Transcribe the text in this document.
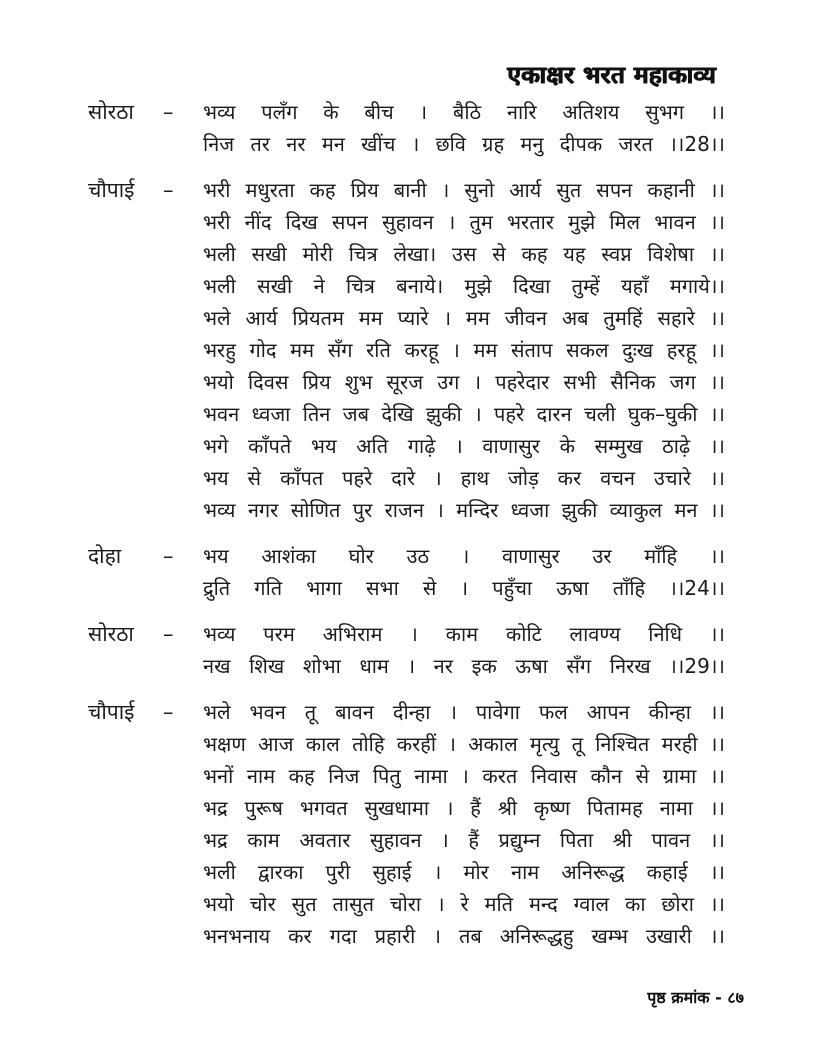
एकाक्षर भरत महाकाव्य
सोरठा	–	भव्य पलँग के बीच । बैठि नारि अतिशय सुभग ।।
निज तर नर मन खींच । छवि ग्रह मनु दीपक जरत ।।28।।
चौपाई	–	भरी मधुरता कह प्रिय बानी । सुनो आर्य सुत सपन कहानी ।।
भरी नींद दिख सपन सुहावन । तुम भरतार मुझे मिल भावन ।।
भली सखी मोरी चित्र लेखा। उस से कह यह स्वप्न विशेषा ।।
भली सखी ने चित्र बनाये। मुझे दिखा तुम्हें यहाँ मगाये।।
भले आर्य प्रियतम मम प्यारे । मम जीवन अब तुमहिं सहारे ।।
भरहु गोद मम सँग रति करहू । मम संताप सकल दुःख हरहू ।।
भयो दिवस प्रिय शुभ सूरज उग । पहरेदार सभी सैनिक जग ।।
भवन ध्वजा तिन जब देखि झुकी । पहरे दारन चली घुक–घुकी ।।
भगे काँपते भय अति गाढ़े । वाणासुर के सम्मुख ठाढ़े ।।
भय से काँपत पहरे दारे । हाथ जोड़ कर वचन उचारे ।।
भव्य नगर सोणित पुर राजन । मन्दिर ध्वजा झुकी व्याकुल मन ।।
दोहा	–	भय आशंका घोर उठ । वाणासुर उर माँहि ।।
द्रुति गति भागा सभा से । पहुँचा ऊषा ताँहि ।।24।।
सोरठा	–	भव्य परम अभिराम । काम कोटि लावण्य निधि ।।
नख शिख शोभा धाम । नर इक ऊषा सँग निरख ।।29।।
चौपाई	–	भले भवन तू बावन दीन्हा । पावेगा फल आपन कीन्हा ।।
भक्षण आज काल तोहि करहीं । अकाल मृत्यु तू निश्चित मरही ।।
भनों नाम कह निज पितु नामा । करत निवास कौन से ग्रामा ।।
भद्र पुरूष भगवत सुखधामा । हैं श्री कृष्ण पितामह नामा ।।
भद्र काम अवतार सुहावन । हैं प्रद्युम्न पिता श्री पावन ।।
भली द्वारका पुरी सुहाई । मोर नाम अनिरूद्ध कहाई ।।
भयो चोर सुत तासुत चोरा । रे मति मन्द ग्वाल का छोरा ।।
भनभनाय कर गदा प्रहारी । तब अनिरूद्धहु खम्भ उखारी ।।
पृष्ठ क्रमांक - ८७
